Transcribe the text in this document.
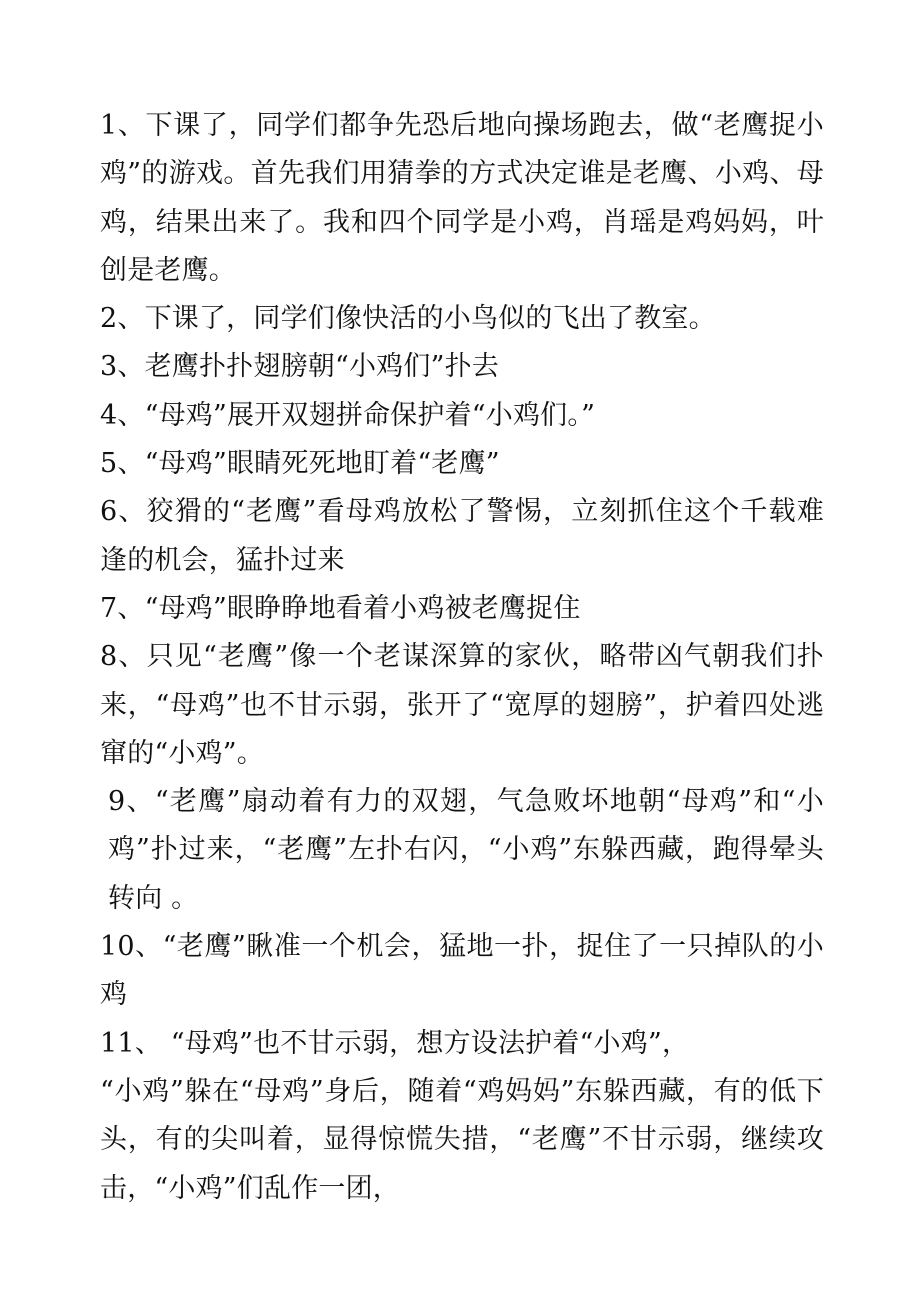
1、下课了，同学们都争先恐后地向操场跑去，做“老鹰捉小鸡”的游戏。首先我们用猜拳的方式决定谁是老鹰、小鸡、母鸡，结果出来了。我和四个同学是小鸡，肖瑶是鸡妈妈，叶创是老鹰。

2、下课了，同学们像快活的小鸟似的飞出了教室。

3、老鹰扑扑翅膀朝“小鸡们”扑去

4、“母鸡”展开双翅拼命保护着“小鸡们。”

5、“母鸡”眼睛死死地盯着“老鹰”

6、狡猾的“老鹰”看母鸡放松了警惕，立刻抓住这个千载难逢的机会，猛扑过来

7、“母鸡”眼睁睁地看着小鸡被老鹰捉住

8、只见“老鹰”像一个老谋深算的家伙，略带凶气朝我们扑来，“母鸡”也不甘示弱，张开了“宽厚的翅膀”，护着四处逃窜的“小鸡”。

9、“老鹰”扇动着有力的双翅，气急败坏地朝“母鸡”和“小鸡”扑过来，“老鹰”左扑右闪，“小鸡”东躲西藏，跑得晕头转向 。

10、“老鹰”瞅准一个机会，猛地一扑，捉住了一只掉队的小鸡

11、 “母鸡”也不甘示弱，想方设法护着“小鸡”，

“小鸡”躲在“母鸡”身后，随着“鸡妈妈”东躲西藏，有的低下头，有的尖叫着，显得惊慌失措，“老鹰”不甘示弱，继续攻击，“小鸡”们乱作一团，
